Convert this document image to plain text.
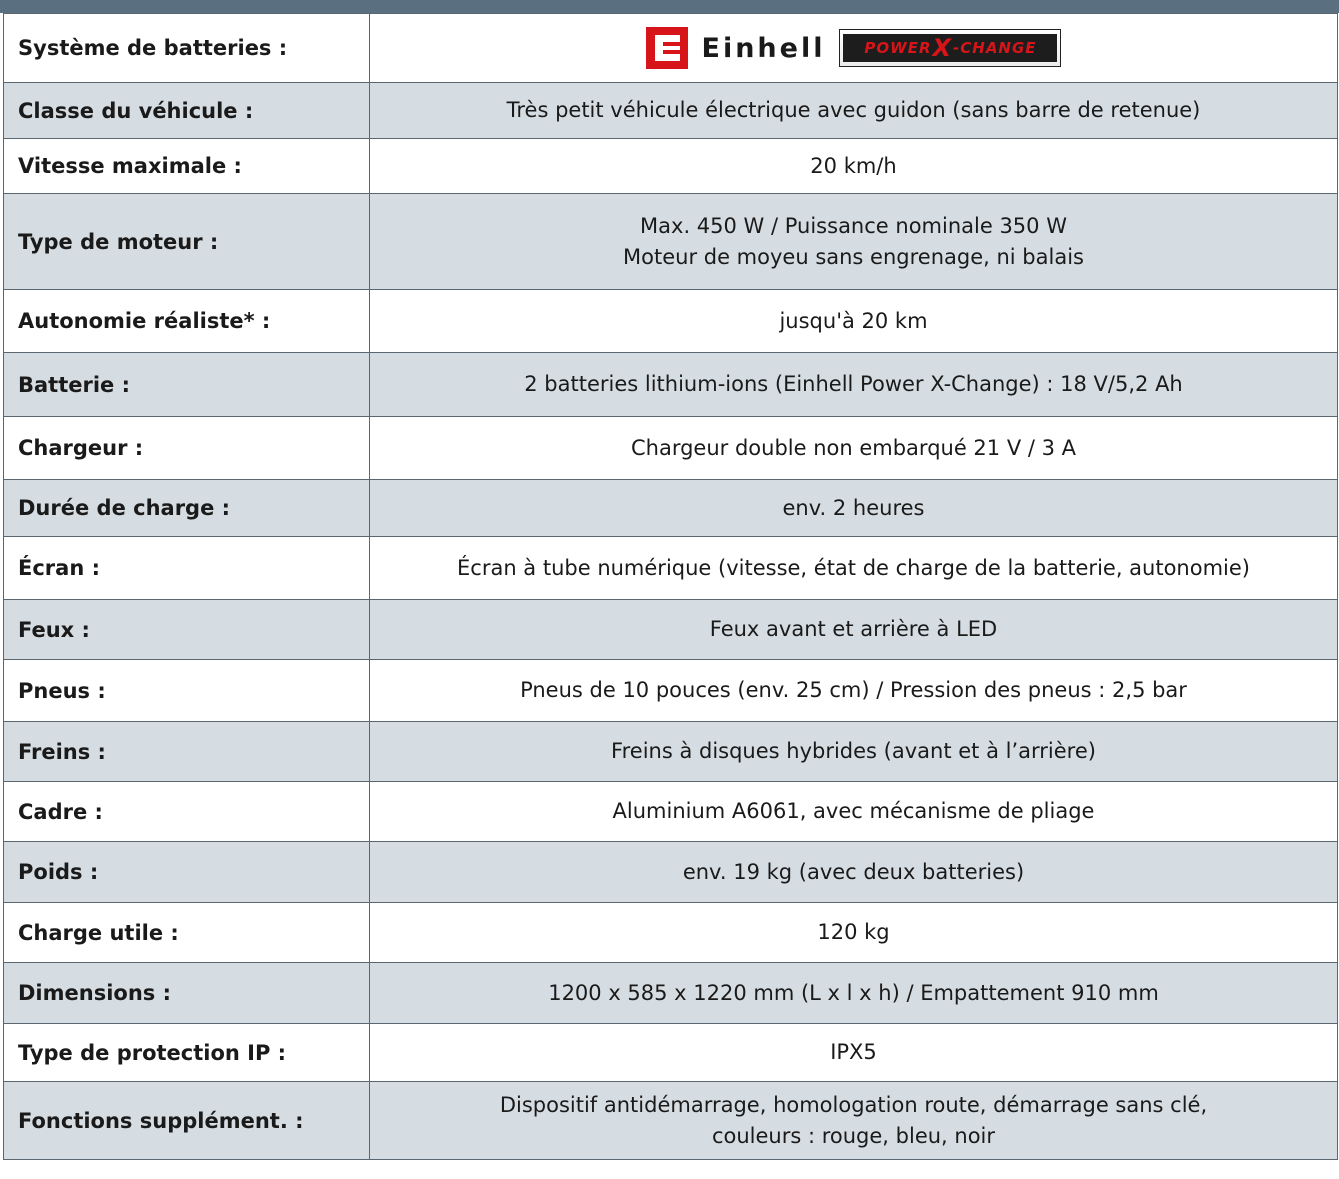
Système de batteries :	Einhell POWER X -CHANGE

Classe du véhicule :	Très petit véhicule électrique avec guidon (sans barre de retenue)
Vitesse maximale :	20 km/h
Type de moteur :	Max. 450 W / Puissance nominale 350 W
Moteur de moyeu sans engrenage, ni balais

Autonomie réaliste* :	jusqu'à 20 km
Batterie :	2 batteries lithium-ions (Einhell Power X-Change) : 18 V/5,2 Ah
Chargeur :	Chargeur double non embarqué 21 V / 3 A
Durée de charge :	env. 2 heures
Écran :	Écran à tube numérique (vitesse, état de charge de la batterie, autonomie)
Feux :	Feux avant et arrière à LED
Pneus :	Pneus de 10 pouces (env. 25 cm) / Pression des pneus : 2,5 bar
Freins :	Freins à disques hybrides (avant et à l’arrière)
Cadre :	Aluminium A6061, avec mécanisme de pliage
Poids :	env. 19 kg (avec deux batteries)
Charge utile :	120 kg
Dimensions :	1200 x 585 x 1220 mm (L x l x h) / Empattement 910 mm
Type de protection IP :	IPX5
Fonctions supplément. :	Dispositif antidémarrage, homologation route, démarrage sans clé,
couleurs : rouge, bleu, noir
